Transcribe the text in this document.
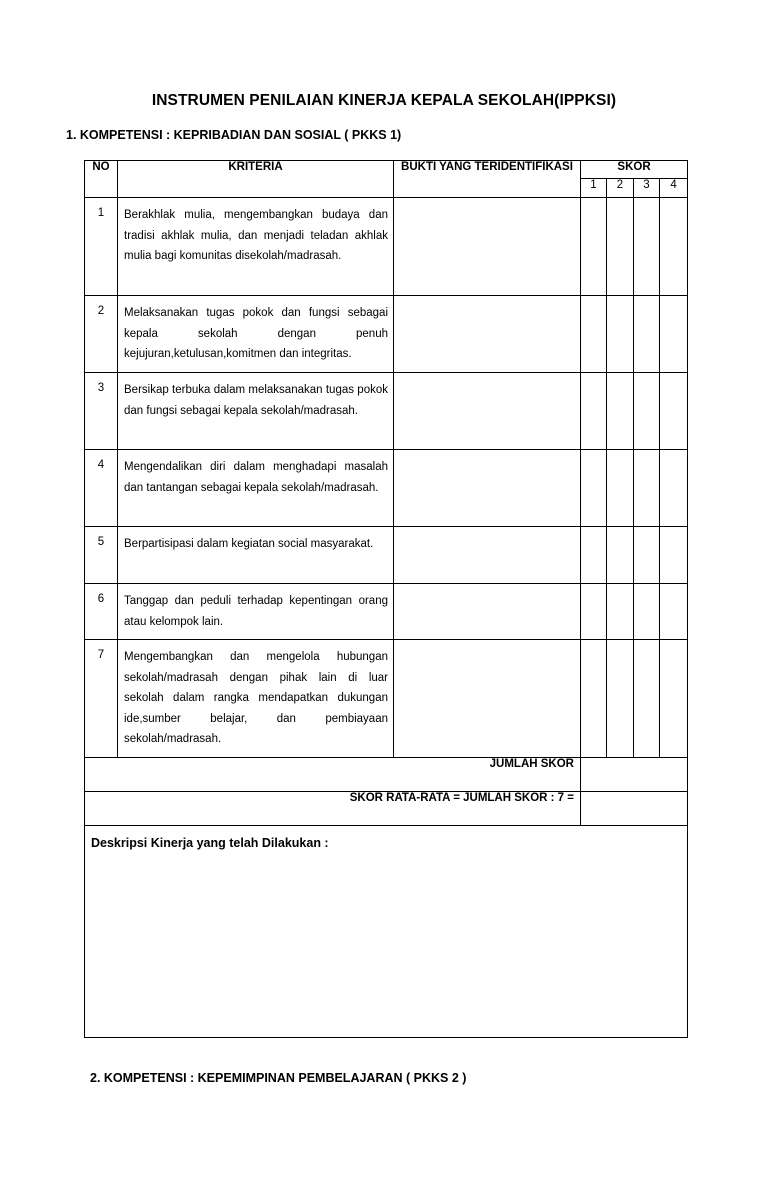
INSTRUMEN PENILAIAN KINERJA KEPALA SEKOLAH(IPPKSI)
1. KOMPETENSI : KEPRIBADIAN DAN SOSIAL ( PKKS 1)
NO	KRITERIA	BUKTI YANG TERIDENTIFIKASI	SKOR			
			1	2	3	4
1	Berakhlak mulia, mengembangkan budaya dan tradisi akhlak mulia, dan menjadi teladan akhlak mulia bagi komunitas disekolah/madrasah.					
2	Melaksanakan tugas pokok dan fungsi sebagai kepala sekolah dengan penuh kejujuran,ketulusan,komitmen dan integritas.					
3	Bersikap terbuka dalam melaksanakan tugas pokok dan fungsi sebagai kepala sekolah/madrasah.					
4	Mengendalikan diri dalam menghadapi masalah dan tantangan sebagai kepala sekolah/madrasah.					
5	Berpartisipasi dalam kegiatan social masyarakat.					
6	Tanggap dan peduli terhadap kepentingan orang atau kelompok lain.					
7	Mengembangkan dan mengelola hubungan sekolah/madrasah dengan pihak lain di luar sekolah dalam rangka mendapatkan dukungan ide,sumber belajar, dan pembiayaan sekolah/madrasah.					
JUMLAH SKOR						
SKOR RATA-RATA = JUMLAH SKOR : 7 =						

Deskripsi Kinerja yang telah Dilakukan :						
2. KOMPETENSI : KEPEMIMPINAN PEMBELAJARAN ( PKKS 2 )
